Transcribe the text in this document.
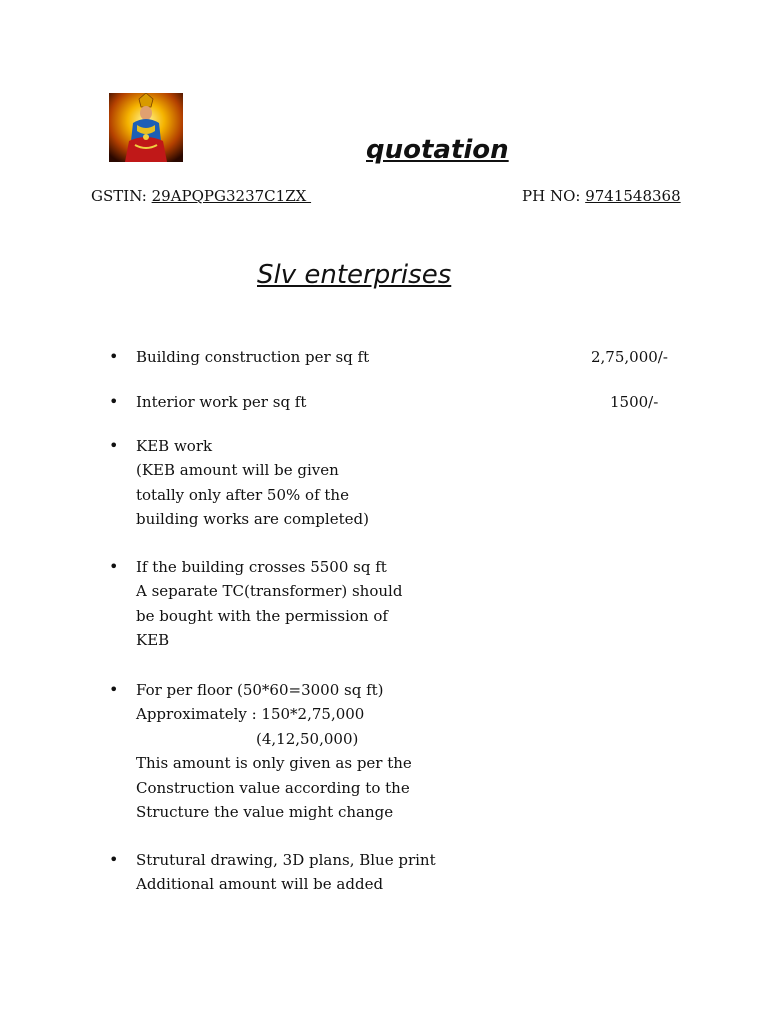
quotation
GSTIN: 29APQPG3237C1ZX	PH NO: 9741548368
Slv enterprises
• Building construction per sq ft	2,75,000/-
• Interior work per sq ft	1500/-
• KEB work
(KEB amount will be given
totally only after 50% of the
building works are completed)
• If the building crosses 5500 sq ft
A separate TC(transformer) should
be bought with the permission of
KEB
• For per floor (50*60=3000 sq ft)
Approximately : 150*2,75,000
(4,12,50,000)
This amount is only given as per the
Construction value according to the
Structure the value might change
• Strutural drawing, 3D plans, Blue print
Additional amount will be added
